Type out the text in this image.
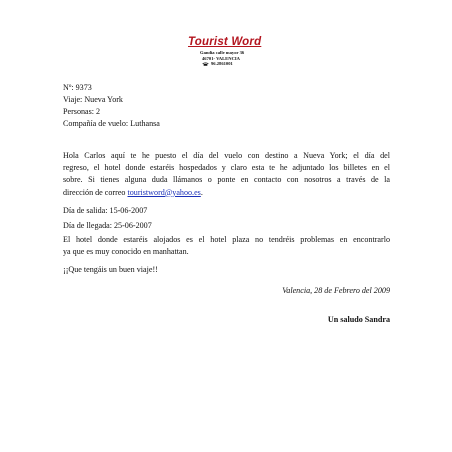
Tourist Word
Gandia calle mayor 36
46701- VALENCIA
96.2861001
Nº: 9373
Viaje: Nueva York
Personas: 2
Compañía de vuelo: Luthansa
Hola Carlos aquí te he puesto el día del vuelo con destino a Nueva York; el día del
regreso, el hotel donde estaréis hospedados y claro esta te he adjuntado los billetes en el
sobre. Si tienes alguna duda llámanos o ponte en contacto con nosotros a través de la
dirección de correo touristword@yahoo.es.
Día de salida: 15-06-2007
Día de llegada: 25-06-2007
El hotel donde estaréis alojados es el hotel plaza no tendréis problemas en encontrarlo
ya que es muy conocido en manhattan.
¡¡Que tengáis un buen viaje!!
Valencia, 28 de Febrero del 2009
Un saludo Sandra
